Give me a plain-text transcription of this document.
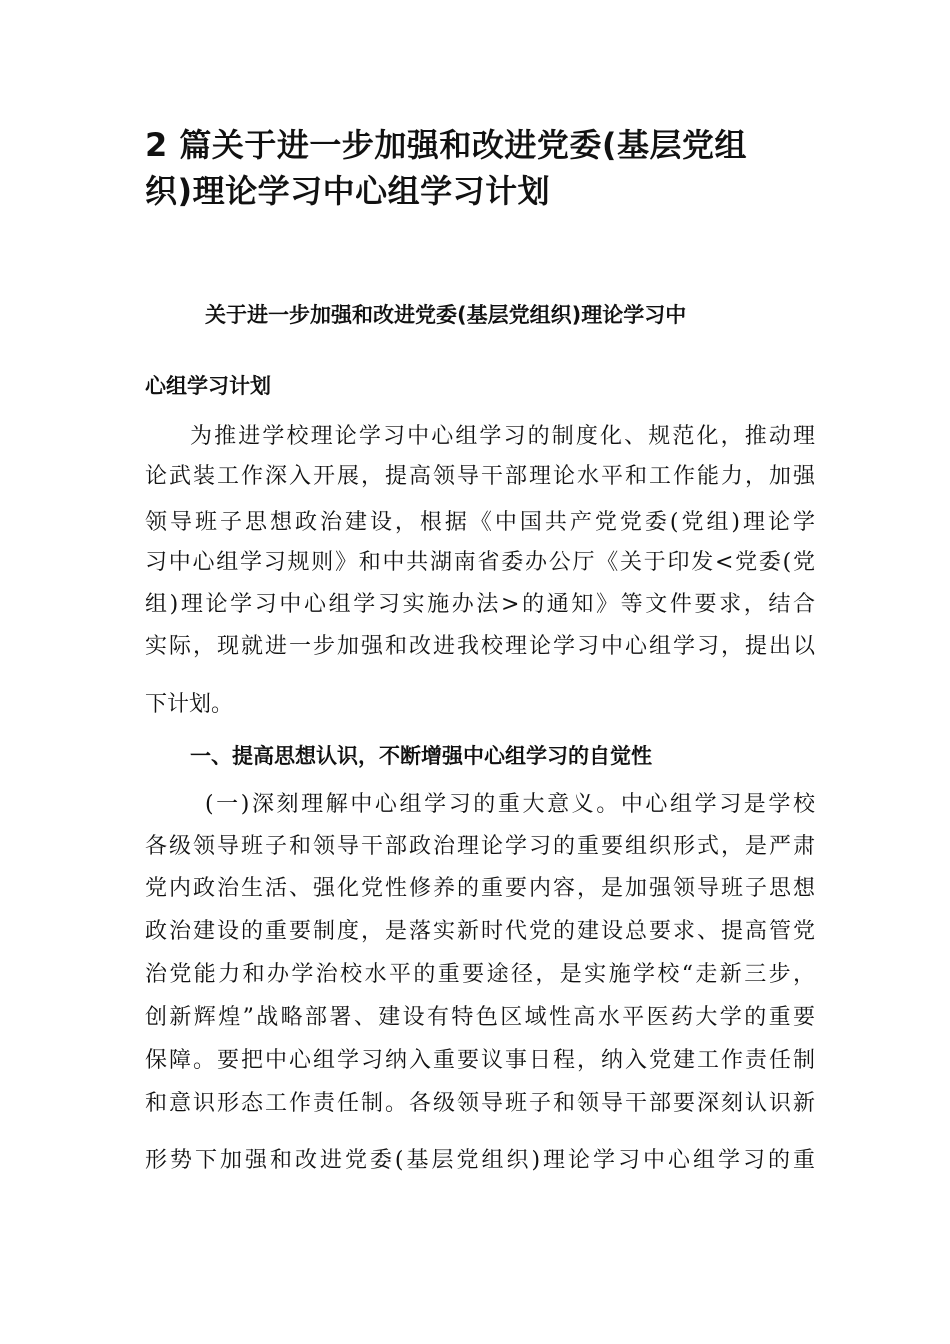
2 篇关于进一步加强和改进党委(基层党组
织)理论学习中心组学习计划

关于进一步加强和改进党委(基层党组织)理论学习中

心组学习计划

为推进学校理论学习中心组学习的制度化、规范化，推动理

论武装工作深入开展，提高领导干部理论水平和工作能力，加强

领导班子思想政治建设，根据《中国共产党党委(党组)理论学

习中心组学习规则》和中共湖南省委办公厅《关于印发<党委(党

组)理论学习中心组学习实施办法>的通知》等文件要求，结合

实际，现就进一步加强和改进我校理论学习中心组学习，提出以

下计划。

一、提高思想认识，不断增强中心组学习的自觉性

(一)深刻理解中心组学习的重大意义。中心组学习是学校

各级领导班子和领导干部政治理论学习的重要组织形式，是严肃

党内政治生活、强化党性修养的重要内容，是加强领导班子思想

政治建设的重要制度，是落实新时代党的建设总要求、提高管党

治党能力和办学治校水平的重要途径，是实施学校“走新三步，

创新辉煌”战略部署、建设有特色区域性高水平医药大学的重要

保障。要把中心组学习纳入重要议事日程，纳入党建工作责任制

和意识形态工作责任制。各级领导班子和领导干部要深刻认识新

形势下加强和改进党委(基层党组织)理论学习中心组学习的重
